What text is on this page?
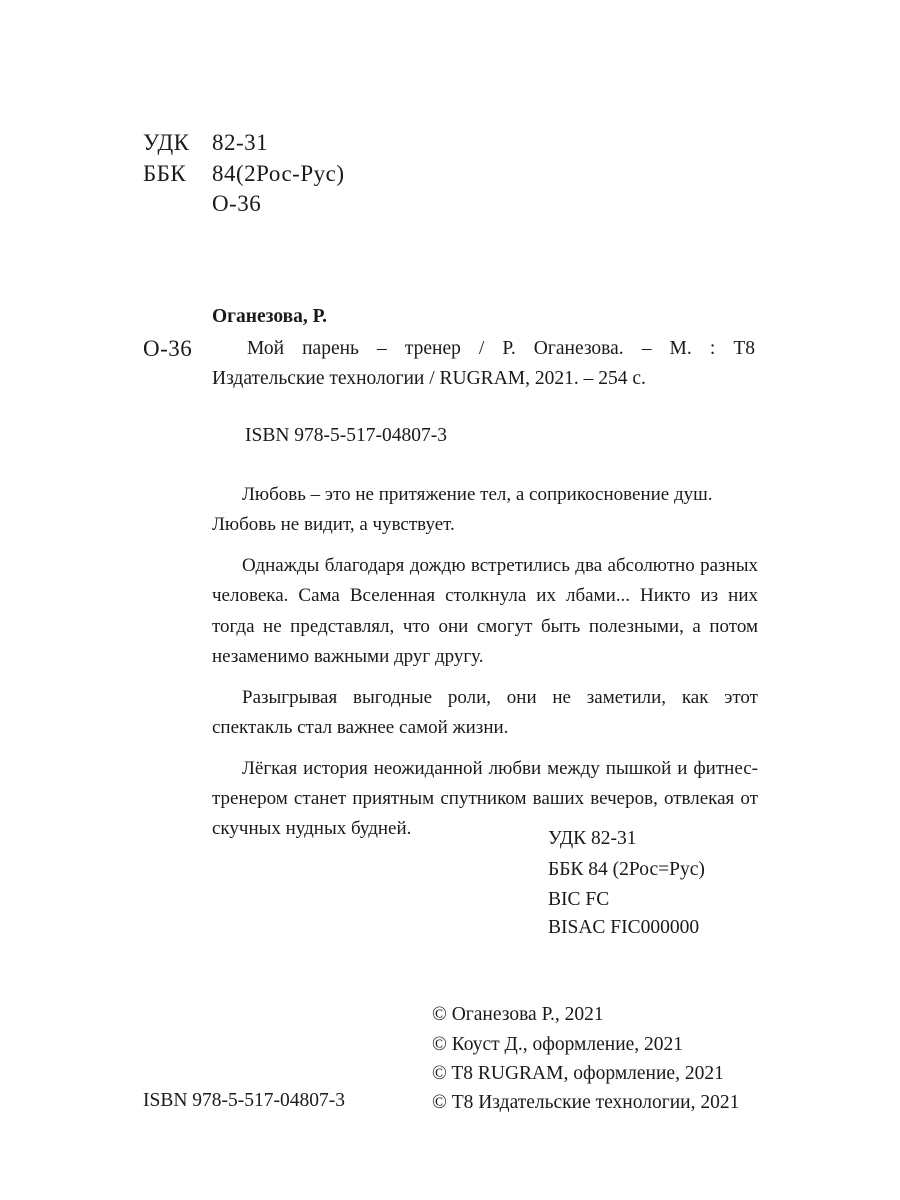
УДК 82-31
ББК 84(2Рос-Рус)
О-36
Оганезова, Р.
О-36	Мой парень – тренер / Р. Оганезова. – М. : Т8
Издательские технологии / RUGRAM, 2021. – 254 с.
ISBN 978-5-517-04807-3

Любовь – это не притяжение тел, а соприкосновение душ.

Любовь не видит, а чувствует.

Однажды благодаря дождю встретились два абсолютно разных человека. Сама Вселенная столкнула их лбами... Никто из них тогда не представлял, что они смогут быть полезными, а потом незаменимо важными друг другу.

Разыгрывая выгодные роли, они не заметили, как этот спектакль стал важнее самой жизни.

Лёгкая история неожиданной любви между пышкой и фитнес-тренером станет приятным спутником ваших вечеров, отвлекая от скучных нудных будней.	УДК 82-31
ББК 84 (2Рос=Рус)
BIC FC
BISAC FIC000000
ISBN 978-5-517-04807-3
© Оганезова Р., 2021
© Коуст Д., оформление, 2021
© T8 RUGRAM, оформление, 2021
© Т8 Издательские технологии, 2021
